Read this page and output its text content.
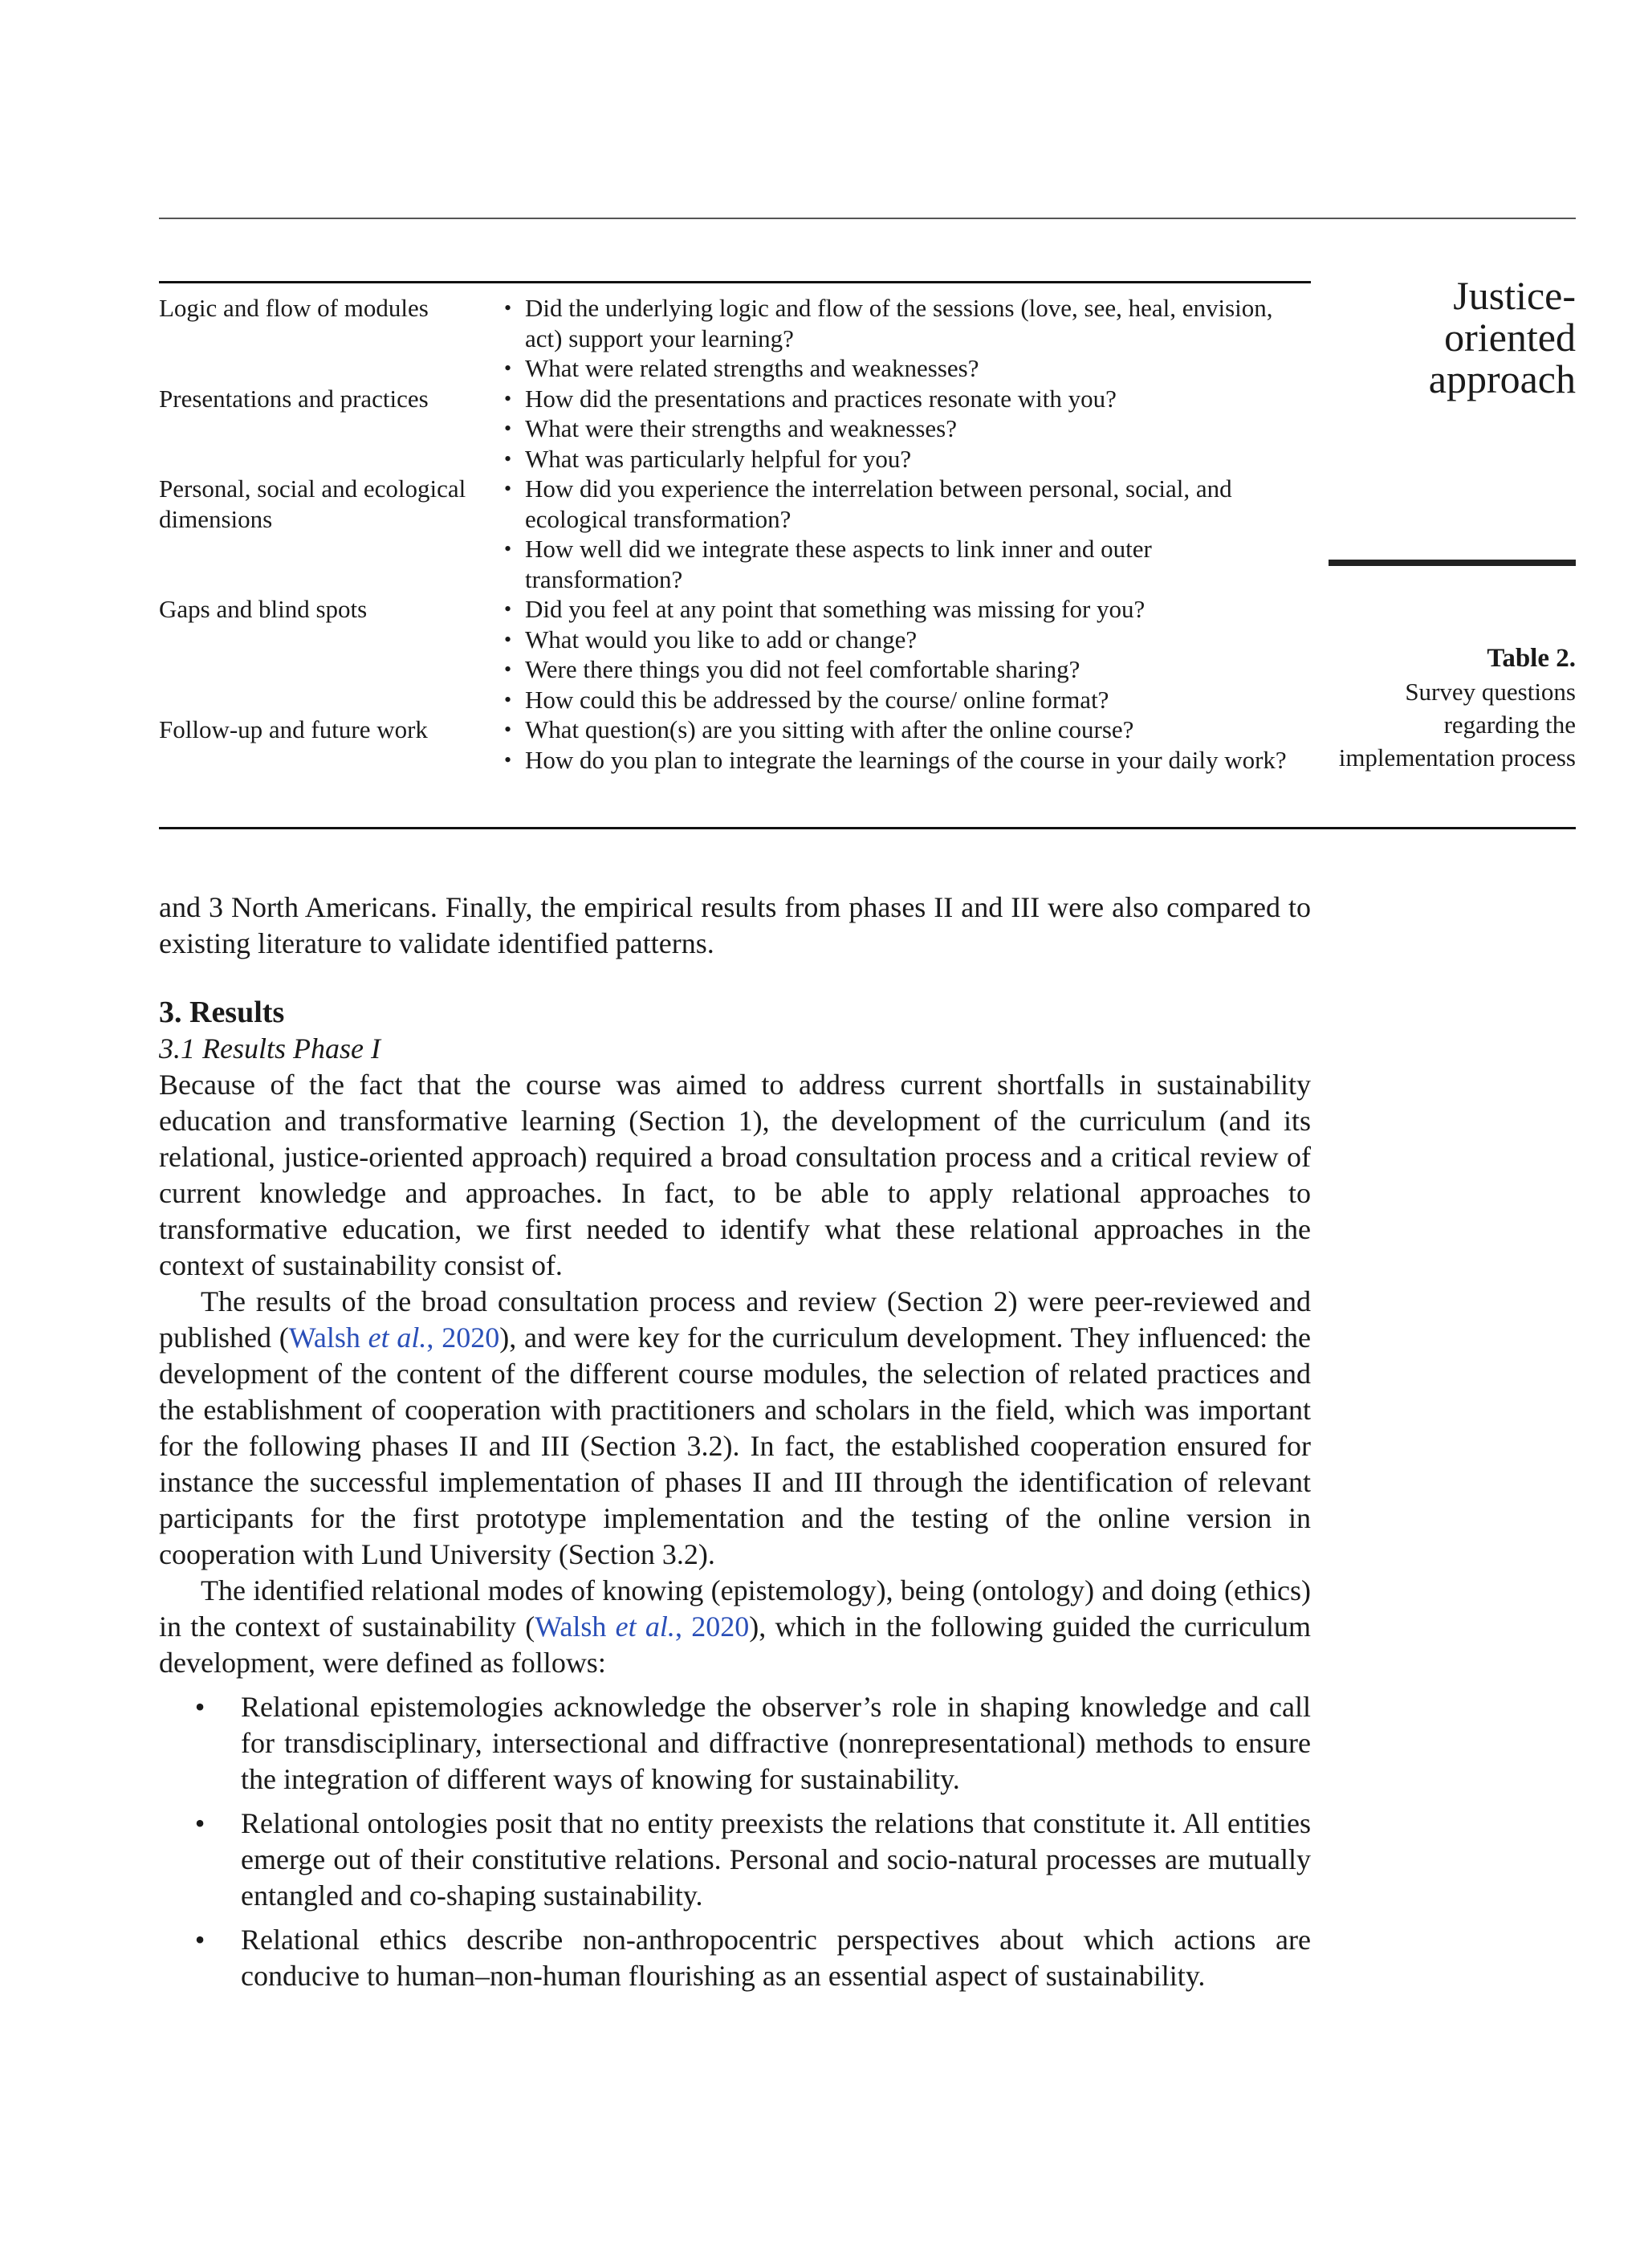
Justice-oriented approach
Table 2.
Survey questions regarding the implementation process
Logic and flow of modules	• Did the underlying logic and flow of the sessions (love, see, heal, envision, act) support your learning?
• What were related strengths and weaknesses?
Presentations and practices	• How did the presentations and practices resonate with you?
• What were their strengths and weaknesses?
• What was particularly helpful for you?
Personal, social and ecological dimensions
• How did you experience the interrelation between personal, social, and ecological transformation?
• How well did we integrate these aspects to link inner and outer transformation?
Gaps and blind spots	• Did you feel at any point that something was missing for you?
• What would you like to add or change?
• Were there things you did not feel comfortable sharing?
• How could this be addressed by the course/ online format?
Follow-up and future work	• What question(s) are you sitting with after the online course?
• How do you plan to integrate the learnings of the course in your daily work?

and 3 North Americans. Finally, the empirical results from phases II and III were also compared to existing literature to validate identified patterns.

3. Results
3.1 Results Phase I

Because of the fact that the course was aimed to address current shortfalls in sustainability education and transformative learning (Section 1), the development of the curriculum (and its relational, justice-oriented approach) required a broad consultation process and a critical review of current knowledge and approaches. In fact, to be able to apply relational approaches to transformative education, we first needed to identify what these relational approaches in the context of sustainability consist of.

The results of the broad consultation process and review (Section 2) were peer-reviewed and published (Walsh et al., 2020), and were key for the curriculum development. They influenced: the development of the content of the different course modules, the selection of related practices and the establishment of cooperation with practitioners and scholars in the field, which was important for the following phases II and III (Section 3.2). In fact, the established cooperation ensured for instance the successful implementation of phases II and III through the identification of relevant participants for the first prototype implementation and the testing of the online version in cooperation with Lund University (Section 3.2).

The identified relational modes of knowing (epistemology), being (ontology) and doing (ethics) in the context of sustainability (Walsh et al., 2020), which in the following guided the curriculum development, were defined as follows:

•	Relational epistemologies acknowledge the observer’s role in shaping knowledge and call for transdisciplinary, intersectional and diffractive (nonrepresentational) methods to ensure the integration of different ways of knowing for sustainability.
•	Relational ontologies posit that no entity preexists the relations that constitute it. All entities emerge out of their constitutive relations. Personal and socio-natural processes are mutually entangled and co-shaping sustainability.
•	Relational ethics describe non-anthropocentric perspectives about which actions are conducive to human–non-human flourishing as an essential aspect of sustainability.
